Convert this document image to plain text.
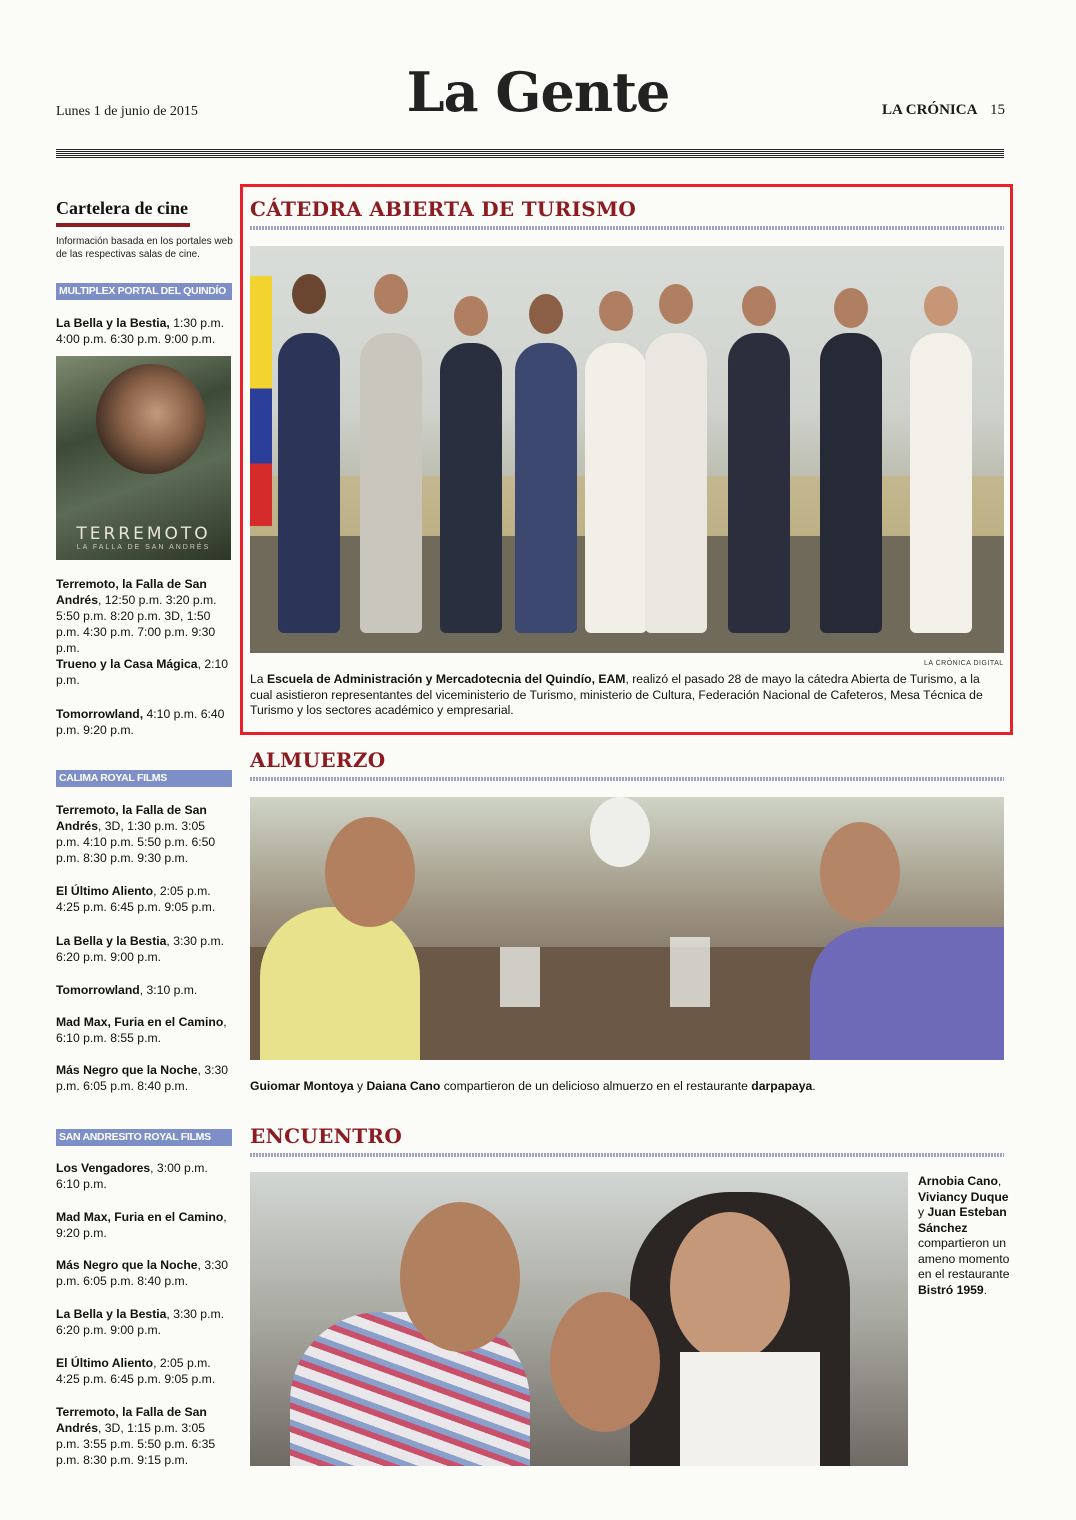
Lunes 1 de junio de 2015	La Gente	LA CRÓNICA 15
Cartelera de cine
Información basada en los portales web de las respectivas salas de cine.
MULTIPLEX PORTAL DEL QUINDÍO
La Bella y la Bestia, 1:30 p.m. 4:00 p.m. 6:30 p.m. 9:00 p.m.
TERREMOTO
LA FALLA DE SAN ANDRÉS
Terremoto, la Falla de San Andrés, 12:50 p.m. 3:20 p.m. 5:50 p.m. 8:20 p.m. 3D, 1:50 p.m. 4:30 p.m. 7:00 p.m. 9:30 p.m.
Trueno y la Casa Mágica, 2:10 p.m.
Tomorrowland, 4:10 p.m. 6:40 p.m. 9:20 p.m.
CALIMA ROYAL FILMS
Terremoto, la Falla de San Andrés, 3D, 1:30 p.m. 3:05 p.m. 4:10 p.m. 5:50 p.m. 6:50 p.m. 8:30 p.m. 9:30 p.m.
El Último Aliento, 2:05 p.m. 4:25 p.m. 6:45 p.m. 9:05 p.m.
La Bella y la Bestia, 3:30 p.m. 6:20 p.m. 9:00 p.m.
Tomorrowland, 3:10 p.m.
Mad Max, Furia en el Camino, 6:10 p.m. 8:55 p.m.
Más Negro que la Noche, 3:30 p.m. 6:05 p.m. 8:40 p.m.
SAN ANDRESITO ROYAL FILMS
Los Vengadores, 3:00 p.m. 6:10 p.m.
Mad Max, Furia en el Camino, 9:20 p.m.
Más Negro que la Noche, 3:30 p.m. 6:05 p.m. 8:40 p.m.
La Bella y la Bestia, 3:30 p.m. 6:20 p.m. 9:00 p.m.
El Último Aliento, 2:05 p.m. 4:25 p.m. 6:45 p.m. 9:05 p.m.
Terremoto, la Falla de San Andrés, 3D, 1:15 p.m. 3:05 p.m. 3:55 p.m. 5:50 p.m. 6:35 p.m. 8:30 p.m. 9:15 p.m.
CÁTEDRA ABIERTA DE TURISMO
LA CRÓNICA DIGITAL
La Escuela de Administración y Mercadotecnia del Quindío, EAM, realizó el pasado 28 de mayo la cátedra Abierta de Turismo, a la cual asistieron representantes del viceministerio de Turismo, ministerio de Cultura, Federación Nacional de Cafeteros, Mesa Técnica de Turismo y los sectores académico y empresarial.
ALMUERZO
Guiomar Montoya y Daiana Cano compartieron de un delicioso almuerzo en el restaurante darpapaya.
ENCUENTRO
Arnobia Cano, Viviancy Duque y Juan Esteban Sánchez compartieron un ameno momento en el restaurante Bistró 1959.
